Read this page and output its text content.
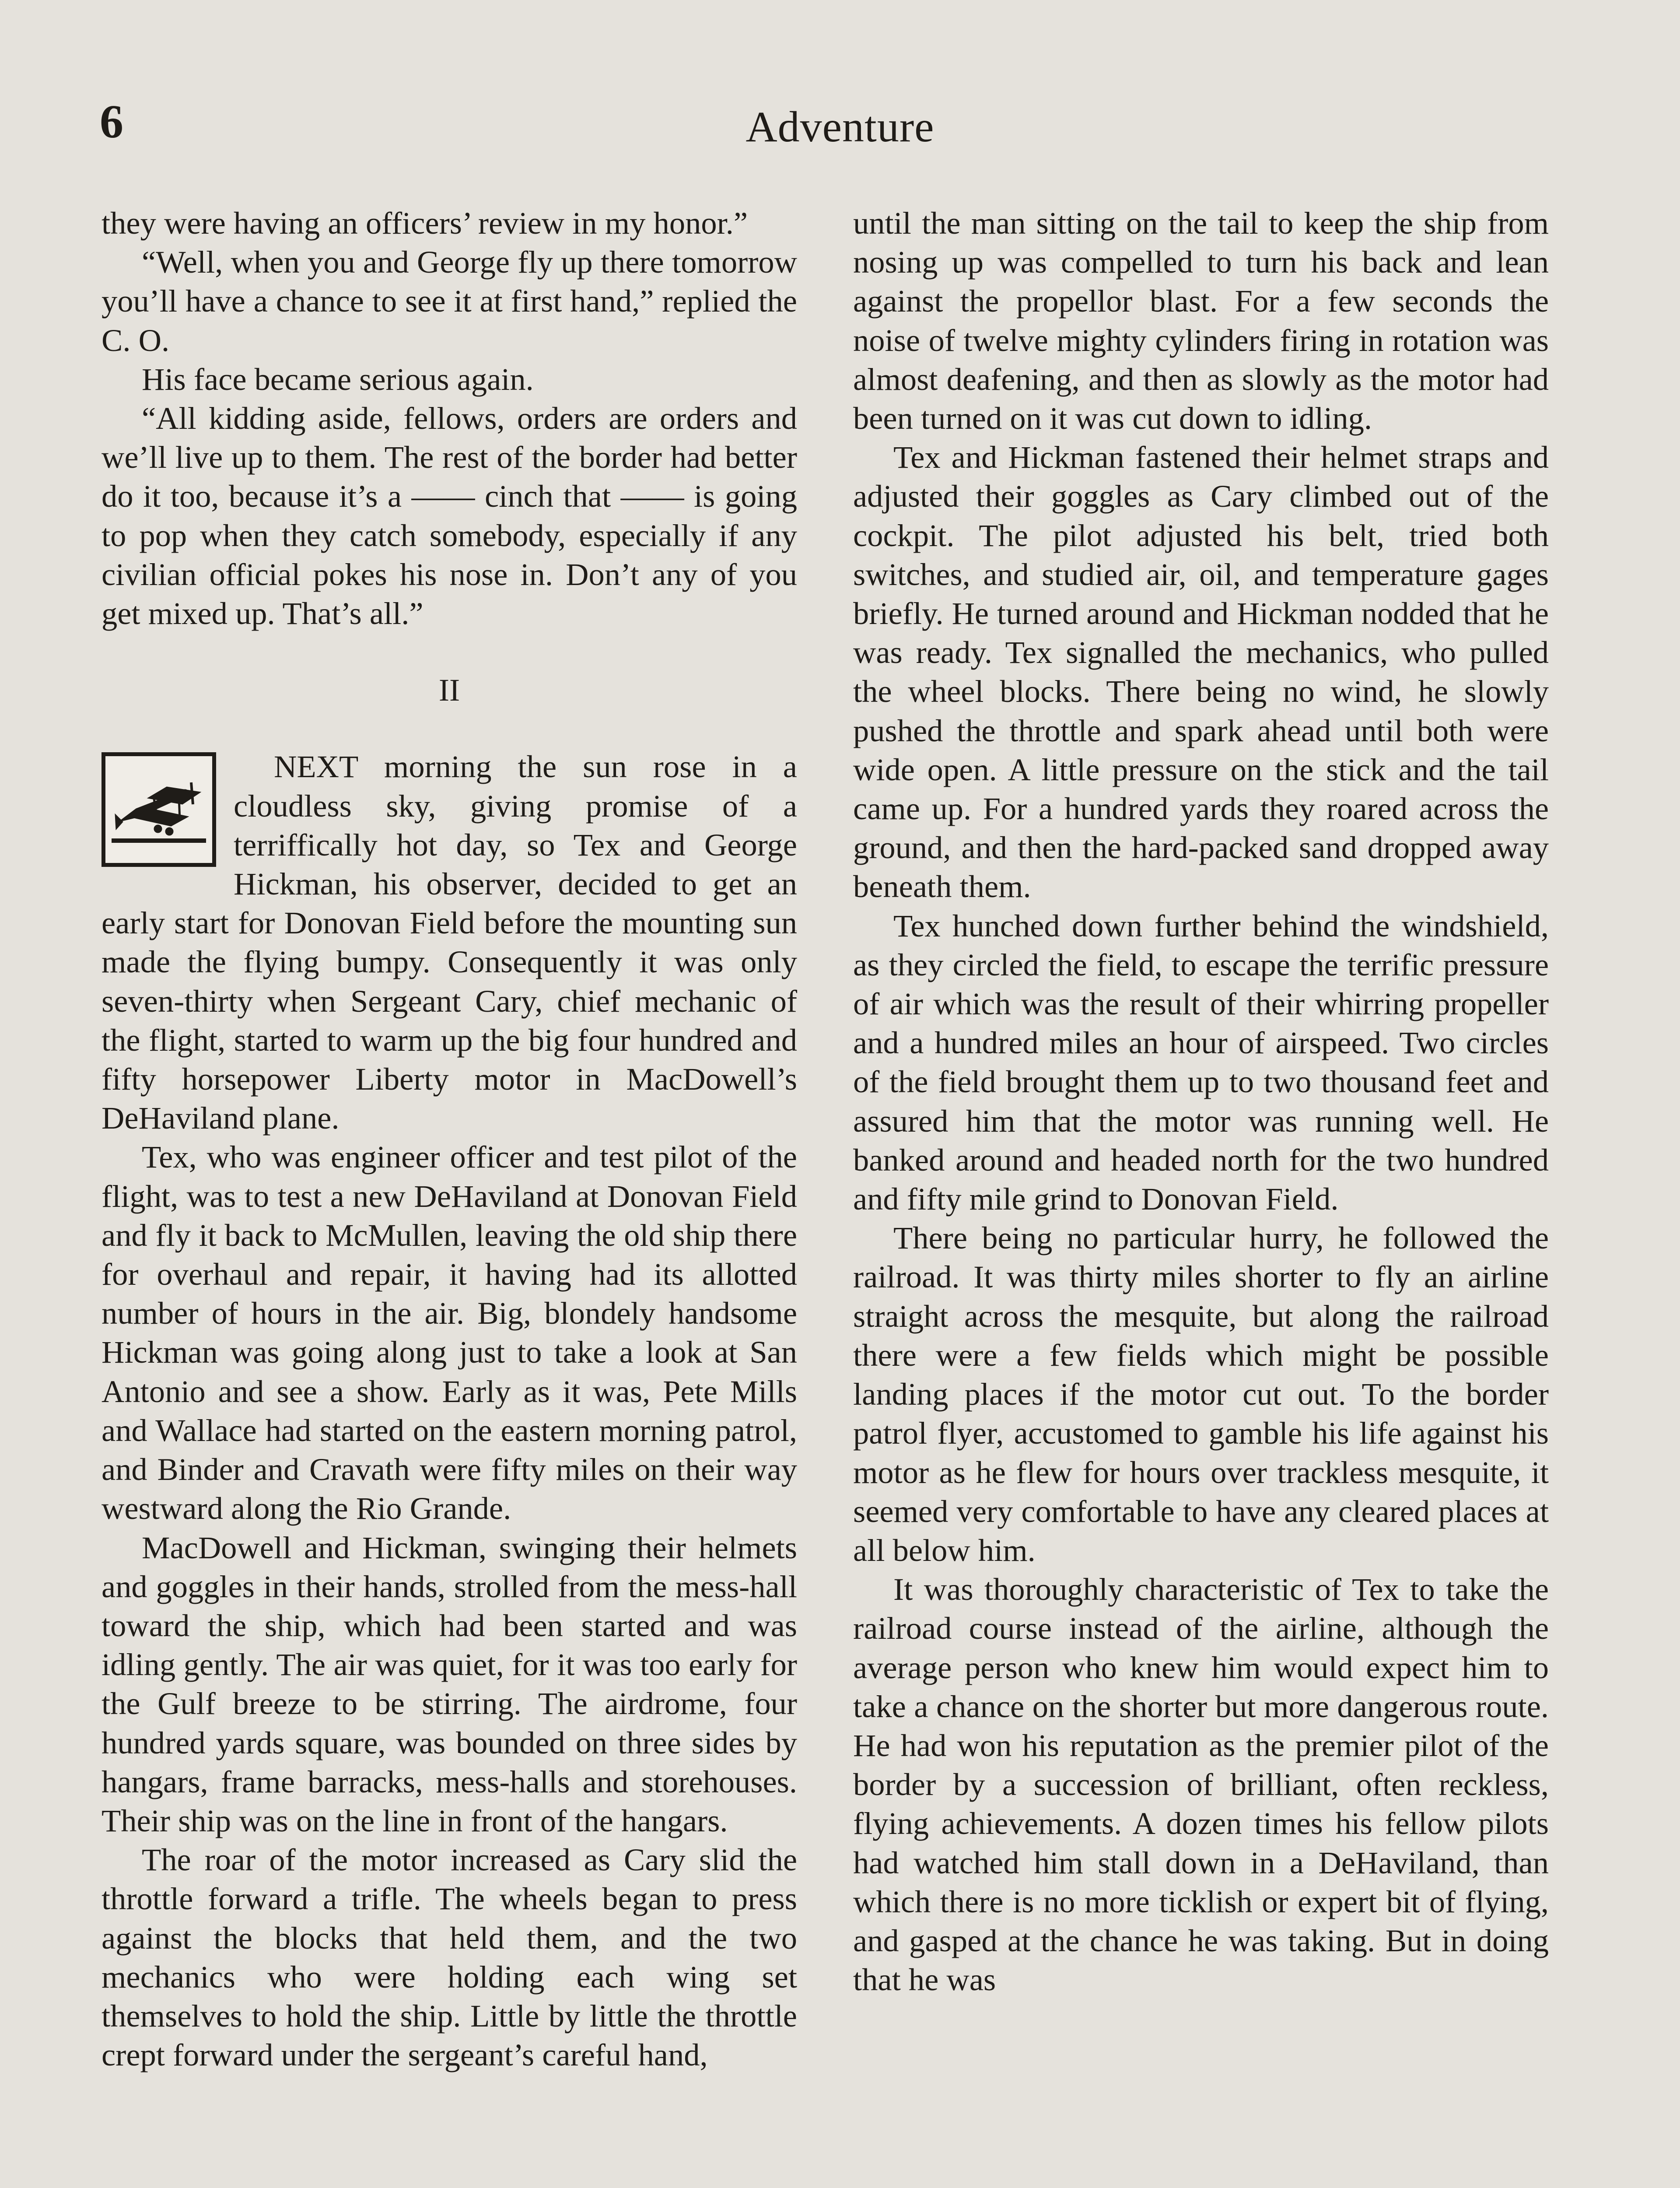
6	Adventure

they were having an officers’ review in my honor.”

“Well, when you and George fly up there tomorrow you’ll have a chance to see it at first hand,” replied the C. O.

His face became serious again.

“All kidding aside, fellows, orders are orders and we’ll live up to them. The rest of the border had better do it too, because it’s a —— cinch that —— is going to pop when they catch somebody, especially if any civilian official pokes his nose in. Don’t any of you get mixed up. That’s all.”

II

NEXT morning the sun rose in a cloudless sky, giving promise of a terriffically hot day, so Tex and George Hickman, his observer, decided to get an early start for Donovan Field before the mounting sun made the flying bumpy. Consequently it was only seven-thirty when Sergeant Cary, chief mechanic of the flight, started to warm up the big four hundred and fifty horsepower Liberty motor in MacDowell’s DeHaviland plane.

Tex, who was engineer officer and test pilot of the flight, was to test a new DeHaviland at Donovan Field and fly it back to McMullen, leaving the old ship there for overhaul and repair, it having had its allotted number of hours in the air. Big, blondely handsome Hickman was going along just to take a look at San Antonio and see a show. Early as it was, Pete Mills and Wallace had started on the eastern morning patrol, and Binder and Cravath were fifty miles on their way westward along the Rio Grande.

MacDowell and Hickman, swinging their helmets and goggles in their hands, strolled from the mess-hall toward the ship, which had been started and was idling gently. The air was quiet, for it was too early for the Gulf breeze to be stirring. The airdrome, four hundred yards square, was bounded on three sides by hangars, frame barracks, mess-halls and storehouses. Their ship was on the line in front of the hangars.

The roar of the motor increased as Cary slid the throttle forward a trifle. The wheels began to press against the blocks that held them, and the two mechanics who were holding each wing set themselves to hold the ship. Little by little the throttle crept forward under the sergeant’s careful hand,

until the man sitting on the tail to keep the ship from nosing up was compelled to turn his back and lean against the propellor blast. For a few seconds the noise of twelve mighty cylinders firing in rotation was almost deafening, and then as slowly as the motor had been turned on it was cut down to idling.

Tex and Hickman fastened their helmet straps and adjusted their goggles as Cary climbed out of the cockpit. The pilot adjusted his belt, tried both switches, and studied air, oil, and temperature gages briefly. He turned around and Hickman nodded that he was ready. Tex signalled the mechanics, who pulled the wheel blocks. There being no wind, he slowly pushed the throttle and spark ahead until both were wide open. A little pressure on the stick and the tail came up. For a hundred yards they roared across the ground, and then the hard-packed sand dropped away beneath them.

Tex hunched down further behind the windshield, as they circled the field, to escape the terrific pressure of air which was the result of their whirring propeller and a hundred miles an hour of airspeed. Two circles of the field brought them up to two thousand feet and assured him that the motor was running well. He banked around and headed north for the two hundred and fifty mile grind to Donovan Field.

There being no particular hurry, he followed the railroad. It was thirty miles shorter to fly an airline straight across the mesquite, but along the railroad there were a few fields which might be possible landing places if the motor cut out. To the border patrol flyer, accustomed to gamble his life against his motor as he flew for hours over trackless mesquite, it seemed very comfortable to have any cleared places at all below him.

It was thoroughly characteristic of Tex to take the railroad course instead of the airline, although the average person who knew him would expect him to take a chance on the shorter but more dangerous route. He had won his reputation as the premier pilot of the border by a succession of brilliant, often reckless, flying achievements. A dozen times his fellow pilots had watched him stall down in a DeHaviland, than which there is no more ticklish or expert bit of flying, and gasped at the chance he was taking. But in doing that he was
